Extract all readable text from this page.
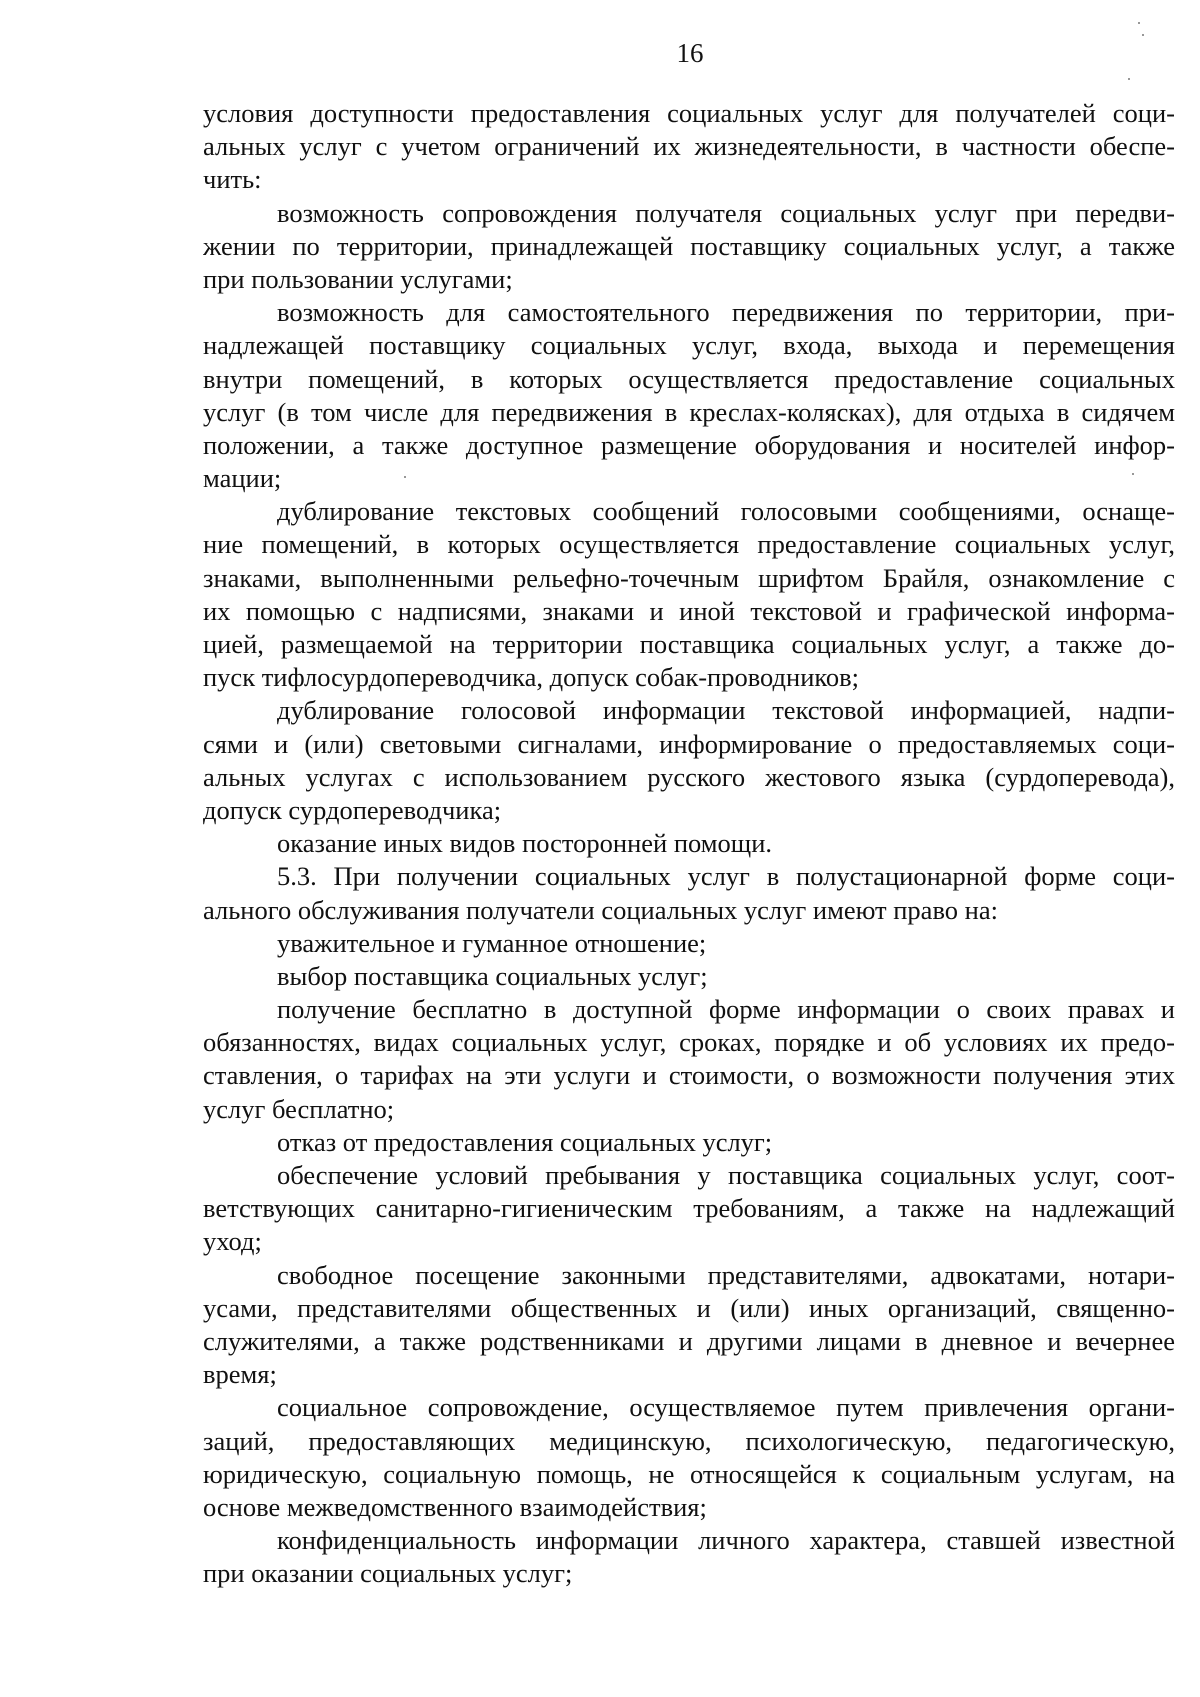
16
условия доступности предоставления социальных услуг для получателей соци-
альных услуг с учетом ограничений их жизнедеятельности, в частности обеспе-
чить:
возможность сопровождения получателя социальных услуг при передви-
жении по территории, принадлежащей поставщику социальных услуг, а также
при пользовании услугами;
возможность для самостоятельного передвижения по территории, при-
надлежащей поставщику социальных услуг, входа, выхода и перемещения
внутри помещений, в которых осуществляется предоставление социальных
услуг (в том числе для передвижения в креслах-колясках), для отдыха в сидячем
положении, а также доступное размещение оборудования и носителей инфор-
мации;
дублирование текстовых сообщений голосовыми сообщениями, оснаще-
ние помещений, в которых осуществляется предоставление социальных услуг,
знаками, выполненными рельефно-точечным шрифтом Брайля, ознакомление с
их помощью с надписями, знаками и иной текстовой и графической информа-
цией, размещаемой на территории поставщика социальных услуг, а также до-
пуск тифлосурдопереводчика, допуск собак-проводников;
дублирование голосовой информации текстовой информацией, надпи-
сями и (или) световыми сигналами, информирование о предоставляемых соци-
альных услугах с использованием русского жестового языка (сурдоперевода),
допуск сурдопереводчика;
оказание иных видов посторонней помощи.
5.3. При получении социальных услуг в полустационарной форме соци-
ального обслуживания получатели социальных услуг имеют право на:
уважительное и гуманное отношение;
выбор поставщика социальных услуг;
получение бесплатно в доступной форме информации о своих правах и
обязанностях, видах социальных услуг, сроках, порядке и об условиях их предо-
ставления, о тарифах на эти услуги и стоимости, о возможности получения этих
услуг бесплатно;
отказ от предоставления социальных услуг;
обеспечение условий пребывания у поставщика социальных услуг, соот-
ветствующих санитарно-гигиеническим требованиям, а также на надлежащий
уход;
свободное посещение законными представителями, адвокатами, нотари-
усами, представителями общественных и (или) иных организаций, священно-
служителями, а также родственниками и другими лицами в дневное и вечернее
время;
социальное сопровождение, осуществляемое путем привлечения органи-
заций, предоставляющих медицинскую, психологическую, педагогическую,
юридическую, социальную помощь, не относящейся к социальным услугам, на
основе межведомственного взаимодействия;
конфиденциальность информации личного характера, ставшей известной
при оказании социальных услуг;
